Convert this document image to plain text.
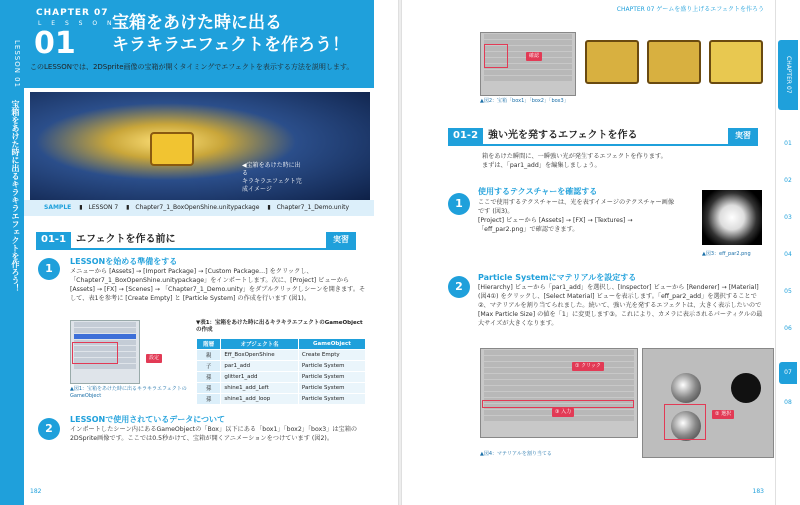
LESSON 01
宝箱をあけた時に出るキラキラエフェクトを作ろう！
CHAPTER 07
L E S S O N
01
宝箱をあけた時に出る
キラキラエフェクトを作ろう！
このLESSONでは、2DSprite画像の宝箱が開くタイミングでエフェクトを表示する方法を説明します。
◀宝箱をあけた時に出る
キラキラエフェクト完成イメージ
SAMPLE ▮ LESSON 7 ▮ Chapter7_1_BoxOpenShine.unitypackage ▮ Chapter7_1_Demo.unity
01-1 エフェクトを作る前に	実習
1
LESSONを始める準備をする
メニューから [Assets] → [Import Package] → [Custom Package…] をクリックし、「Chapter7_1_BoxOpenShine.unitypackage」をインポートします。次に、[Project] ビューから [Assets] → [FX] → [Scenes] → 「Chapter7_1_Demo.unity」をダブルクリックしシーンを開きます。そして、表1を参考に [Create Empty] と [Particle System] の作成を行います (図1)。
設定
▲図1：宝箱をあけた時に出るキラキラエフェクトのGameObject
▼表1：宝箱をあけた時に出るキラキラエフェクトのGameObjectの作成
階層	オブジェクト名	GameObject
親	Eff_BoxOpenShine	Create Empty
子	par1_add	Particle System
孫	glitter1_add	Particle System
孫	shine1_add_Left	Particle System
孫	shine1_add_loop	Particle System
2
LESSONで使用されているデータについて
インポートしたシーン内にあるGameObjectの「Box」以下にある「box1」「box2」「box3」は宝箱の2DSprite画像です。ここでは0.5秒かけて、宝箱が開くアニメーションをつけています (図2)。
182
CHAPTER 07 ゲームを盛り上げるエフェクトを作ろう
確認
▲図2：宝箱「box1」「box2」「box3」
01-2 強い光を発するエフェクトを作る	実習
箱をあけた瞬間に、一瞬強い光が発生するエフェクトを作ります。
まずは、「par1_add」を編集しましょう。
1
使用するテクスチャーを確認する
ここで使用するテクスチャーは、光を表すイメージのテクスチャー画像です (図3)。
[Project] ビューから [Assets] → [FX] → [Textures] → 「eff_par2.png」で確認できます。
▲図3：eff_par2.png
2
Particle Systemにマテリアルを設定する
[Hierarchy] ビューから「par1_add」を選択し、[Inspector] ビューから [Renderer] → [Material] (図4①) をクリックし、[Select Material] ビューを表示します。「eff_par2_add」を選択することで②、マテリアルを割り当てられました。続いて、強い光を発するエフェクトは、大きく表示したいので [Max Particle Size] の値を「1」に変更します③。これにより、カメラに表示されるパーティクルの最大サイズが大きくなります。
① クリック
③ 入力	② 選択
▲図4：マテリアルを割り当てる
CHAPTER 07
01
02
03
04
05
06
07
08
183
